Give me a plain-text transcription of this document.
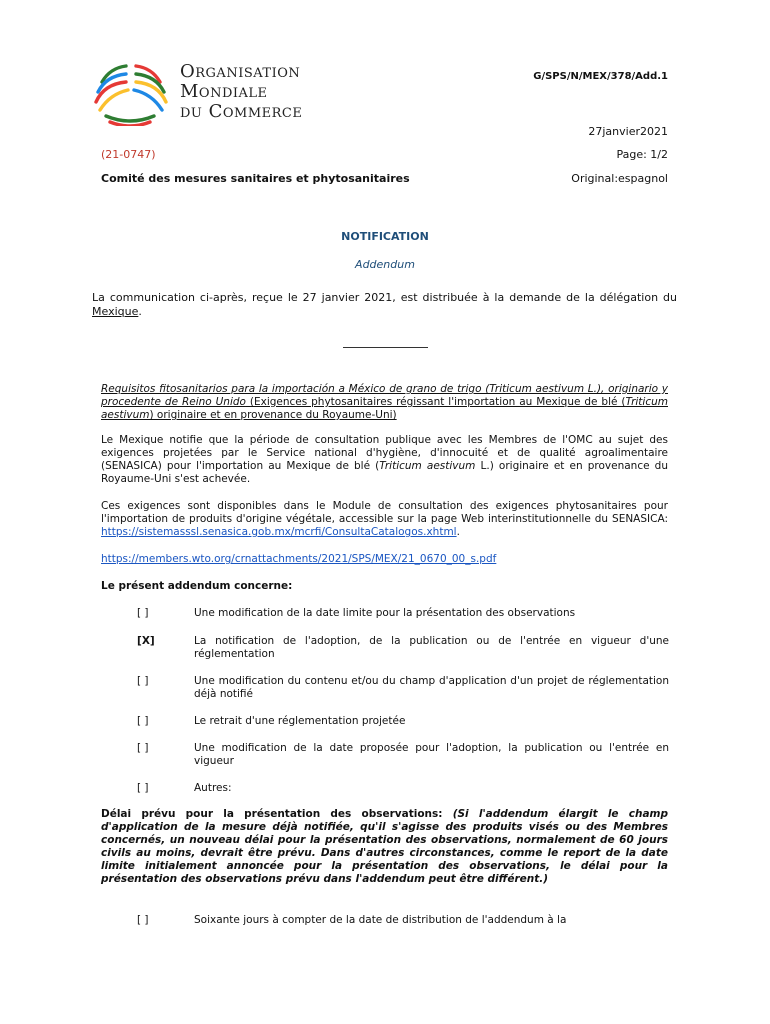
Organisation
Mondiale
du Commerce
G/SPS/N/MEX/378/Add.1
27janvier2021
(21-0747)	Page: 1/2
Comité des mesures sanitaires et phytosanitaires	Original:espagnol
NOTIFICATION
Addendum
La communication ci-après, reçue le 27 janvier 2021, est distribuée à la demande de la délégation du Mexique.
Requisitos fitosanitarios para la importación a México de grano de trigo (Triticum aestivum L.), originario y procedente de Reino Unido (Exigences phytosanitaires régissant l'importation au Mexique de blé (Triticum aestivum) originaire et en provenance du Royaume-Uni)
Le Mexique notifie que la période de consultation publique avec les Membres de l'OMC au sujet des exigences projetées par le Service national d'hygiène, d'innocuité et de qualité agroalimentaire (SENASICA) pour l'importation au Mexique de blé (Triticum aestivum L.) originaire et en provenance du Royaume-Uni s'est achevée.
Ces exigences sont disponibles dans le Module de consultation des exigences phytosanitaires pour l'importation de produits d'origine végétale, accessible sur la page Web interinstitutionnelle du SENASICA: https://sistemasssl.senasica.gob.mx/mcrfi/ConsultaCatalogos.xhtml.
https://members.wto.org/crnattachments/2021/SPS/MEX/21_0670_00_s.pdf
Le présent addendum concerne:
[ ]	Une modification de la date limite pour la présentation des observations
[X]	La notification de l'adoption, de la publication ou de l'entrée en vigueur d'une réglementation
[ ]	Une modification du contenu et/ou du champ d'application d'un projet de réglementation déjà notifié
[ ]	Le retrait d'une réglementation projetée
[ ]	Une modification de la date proposée pour l'adoption, la publication ou l'entrée en vigueur
[ ]	Autres:
Délai prévu pour la présentation des observations: (Si l'addendum élargit le champ d'application de la mesure déjà notifiée, qu'il s'agisse des produits visés ou des Membres concernés, un nouveau délai pour la présentation des observations, normalement de 60 jours civils au moins, devrait être prévu. Dans d'autres circonstances, comme le report de la date limite initialement annoncée pour la présentation des observations, le délai pour la présentation des observations prévu dans l'addendum peut être différent.)
[ ]	Soixante jours à compter de la date de distribution de l'addendum à la
